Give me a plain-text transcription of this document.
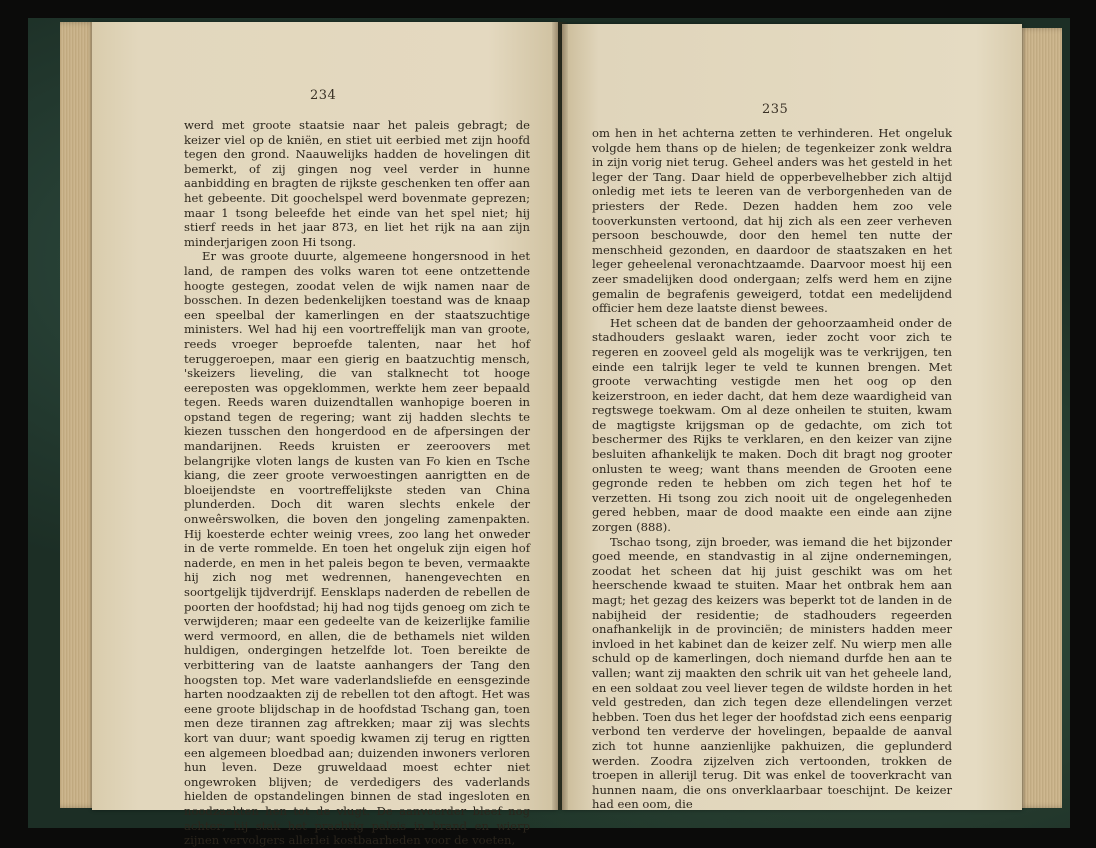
234

werd met groote staatsie naar het paleis gebragt; de keizer viel op de kniën, en stiet uit eerbied met zijn hoofd tegen den grond. Naauwelijks hadden de hovelingen dit bemerkt, of zij gingen nog veel verder in hunne aanbidding en bragten de rijkste geschenken ten offer aan het gebeente. Dit goochelspel werd bovenmate geprezen; maar 1 tsong beleefde het einde van het spel niet; hij stierf reeds in het jaar 873, en liet het rijk na aan zijn minderjarigen zoon Hi tsong.

Er was groote duurte, algemeene hongersnood in het land, de rampen des volks waren tot eene ontzettende hoogte gestegen, zoodat velen de wijk namen naar de bosschen. In dezen bedenkelijken toestand was de knaap een speelbal der kamerlingen en der staatszuchtige ministers. Wel had hij een voortreffelijk man van groote, reeds vroeger beproefde talenten, naar het hof teruggeroepen, maar een gierig en baatzuchtig mensch, 'skeizers lieveling, die van stalknecht tot hooge eereposten was opgeklommen, werkte hem zeer bepaald tegen. Reeds waren duizendtallen wanhopige boeren in opstand tegen de regering; want zij hadden slechts te kiezen tusschen den hongerdood en de afpersingen der mandarijnen. Reeds kruisten er zeeroovers met belangrijke vloten langs de kusten van Fo kien en Tsche kiang, die zeer groote verwoestingen aanrigtten en de bloeijendste en voortreffelijkste steden van China plunderden. Doch dit waren slechts enkele der onweêrswolken, die boven den jongeling zamenpakten. Hij koesterde echter weinig vrees, zoo lang het onweder in de verte rommelde. En toen het ongeluk zijn eigen hof naderde, en men in het paleis begon te beven, vermaakte hij zich nog met wedrennen, hanengevechten en soortgelijk tijdverdrijf. Eensklaps naderden de rebellen de poorten der hoofdstad; hij had nog tijds genoeg om zich te verwijderen; maar een gedeelte van de keizerlijke familie werd vermoord, en allen, die de bethamels niet wilden huldigen, ondergingen hetzelfde lot. Toen bereikte de verbittering van de laatste aanhangers der Tang den hoogsten top. Met ware vaderlandsliefde en eensgezinde harten noodzaakten zij de rebellen tot den aftogt. Het was eene groote blijdschap in de hoofdstad Tschang gan, toen men deze tirannen zag aftrekken; maar zij was slechts kort van duur; want spoedig kwamen zij terug en rigtten een algemeen bloedbad aan; duizenden inwoners verloren hun leven. Deze gruweldaad moest echter niet ongewroken blijven; de verdedigers des vaderlands hielden de opstandelingen binnen de stad ingesloten en noodzaakten hen tot de vlugt. De aanvoerder bleef nog achter; hij stak het prachtig paleis in brand en wierp zijnen vervolgers allerlei kostbaarheden voor de voeten,

235

om hen in het achterna zetten te verhinderen. Het ongeluk volgde hem thans op de hielen; de tegenkeizer zonk weldra in zijn vorig niet terug. Geheel anders was het gesteld in het leger der Tang. Daar hield de opperbevelhebber zich altijd onledig met iets te leeren van de verborgenheden van de priesters der Rede. Dezen hadden hem zoo vele tooverkunsten vertoond, dat hij zich als een zeer verheven persoon beschouwde, door den hemel ten nutte der menschheid gezonden, en daardoor de staatszaken en het leger geheelenal veronachtzaamde. Daarvoor moest hij een zeer smadelijken dood ondergaan; zelfs werd hem en zijne gemalin de begrafenis geweigerd, totdat een medelijdend officier hem deze laatste dienst bewees.

Het scheen dat de banden der gehoorzaamheid onder de stadhouders geslaakt waren, ieder zocht voor zich te regeren en zooveel geld als mogelijk was te verkrijgen, ten einde een talrijk leger te veld te kunnen brengen. Met groote verwachting vestigde men het oog op den keizerstroon, en ieder dacht, dat hem deze waardigheid van regtswege toekwam. Om al deze onheilen te stuiten, kwam de magtigste krijgsman op de gedachte, om zich tot beschermer des Rijks te verklaren, en den keizer van zijne besluiten afhankelijk te maken. Doch dit bragt nog grooter onlusten te weeg; want thans meenden de Grooten eene gegronde reden te hebben om zich tegen het hof te verzetten. Hi tsong zou zich nooit uit de ongelegenheden gered hebben, maar de dood maakte een einde aan zijne zorgen (888).

Tschao tsong, zijn broeder, was iemand die het bijzonder goed meende, en standvastig in al zijne ondernemingen, zoodat het scheen dat hij juist geschikt was om het heerschende kwaad te stuiten. Maar het ontbrak hem aan magt; het gezag des keizers was beperkt tot de landen in de nabijheid der residentie; de stadhouders regeerden onafhankelijk in de provinciën; de ministers hadden meer invloed in het kabinet dan de keizer zelf. Nu wierp men alle schuld op de kamerlingen, doch niemand durfde hen aan te vallen; want zij maakten den schrik uit van het geheele land, en een soldaat zou veel liever tegen de wildste horden in het veld gestreden, dan zich tegen deze ellendelingen verzet hebben. Toen dus het leger der hoofdstad zich eens eenparig verbond ten verderve der hovelingen, bepaalde de aanval zich tot hunne aanzienlijke pakhuizen, die geplunderd werden. Zoodra zijzelven zich vertoonden, trokken de troepen in allerijl terug. Dit was enkel de tooverkracht van hunnen naam, die ons onverklaarbaar toeschijnt. De keizer had een oom, die
